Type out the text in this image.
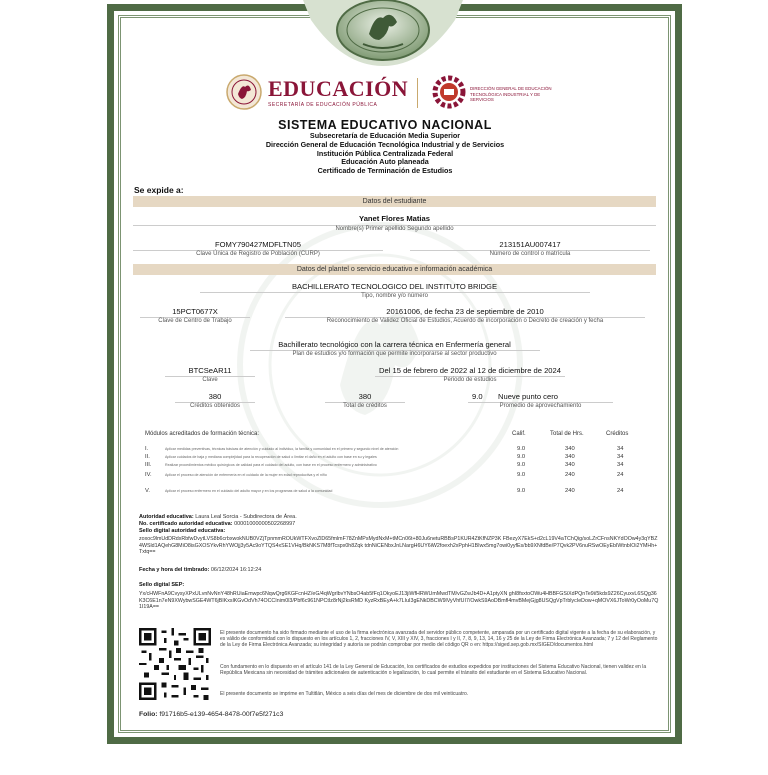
EDUCACIÓN
SECRETARÍA DE EDUCACIÓN PÚBLICA
DIRECCIÓN GENERAL DE EDUCACIÓN TECNOLÓGICA INDUSTRIAL Y DE SERVICIOS
SISTEMA EDUCATIVO NACIONAL
Subsecretaría de Educación Media Superior
Dirección General de Educación Tecnológica Industrial y de Servicios
Institución Pública Centralizada Federal
Educación Auto planeada
Certificado de Terminación de Estudios
Se expide a:
Datos del estudiante
Yanet Flores Matias
Nombre(s) Primer apellido Segundo apellido
FOMY790427MDFLTN05
Clave Única de Registro de Población (CURP)
213151AU007417
Número de control o matrícula
Datos del plantel o servicio educativo e información académica
BACHILLERATO TECNOLOGICO DEL INSTITUTO BRIDGE
Tipo, nombre y/o número
15PCT0677X
Clave de Centro de Trabajo
20161006, de fecha 23 de septiembre de 2010
Reconocimiento de Validez Oficial de Estudios, Acuerdo de incorporación o Decreto de creación y fecha
Bachillerato tecnológico con la carrera técnica en Enfermería general
Plan de estudios y/o formación que permite incorporarse al sector productivo
BTCSeAR11
Clave
Del 15 de febrero de 2022 al 12 de diciembre de 2024
Periodo de estudios
380
Créditos obtenidos
380
Total de créditos
9.0 Nueve punto cero
Promedio de aprovechamiento
Módulos acreditados de formación técnica:	Calif.	Total de Hrs.	Créditos
I.	Aplicar medidas preventivas, técnicas básicas de atención y cuidado al individuo, la familia y comunidad en el primero y segundo nivel de atención	9.0	340	34
II.	Aplicar cuidados de baja y mediana complejidad para la recuperación de salud o limitar el daño en el adulto con base en su y legales	9.0	340	34
III.	Realizar procedimientos médico quirúrgicos de calidad para el cuidado del adulto, con base en el proceso enfermero y administrativo	9.0	340	34
IV.	Aplicar el proceso de atención de enfermería en el cuidado de la mujer en edad reproductiva y el niño	9.0	240	24
V.	Aplicar el proceso enfermero en el cuidado del adulto mayor y en los programas de salud a la comunidad	9.0	240	24
Autoridad educativa: Laura Leal Sorcia - Subdirectora de Área.
No. certificado autoridad educativa: 00001000000502268997
Sello digital autoridad educativa:
zoxoc9lmUdDRdxRbfwDvytLVS8b6crbxwokNUB0VZjTpnmmROUkWTFXvoZlD65fmlmF78ZnMPsMydNxM+tMCn06t+80Ju6netuRBBsP1KUR4ZtKfNZP3K FBezyX7EkS+d2cL19V4aTChQig/soLZrCFnsNKYdOOw4y3qYBZ4WSld1AQehG8MiO8isGXOSYkvRhYWOjj3y5Ac9oYTQS4xSE1VHq/BkNKS7M8fTcspx0h8Zqk tdnNiCENbxJnLNargH6UY6iW2foexh2xPphH1BIwx5mg7owi0yyfEs/bb9XNfdBe/P7Qvk2PV6nuRSwOEyEbIWtnbIOi2YMHh+Txtq==
Fecha y hora del timbrado: 06/12/2024 16:12:24
Sello digital SEP:
Yx/cHWFnA9CvysyXPxULvnNvNnY48hRUiaEmwpc6NqwQrg6KGFcnHZ/eG/4qWgrlbvYNbsO4ab5fFq1OkyoEJ13jiWfHRWUmMwdTM/vGZwJb4D+A1ptyXN ghI8fsxtoOWu4HBBFGSiXdPQnTe9i/5kds9Z26CyuxvL6SQg36K3C6E1n7eN9XWybwSGE4WT6jBIKxslKGvOdVh74OCCInim0l3/Pbf6c961NPCtIz8rNj2ksRMD KyzRxBEyA+k7LIuI3gENkDBCW9lVyVhfUI7/OwkS9AoDBmfl4mvBMejGjg8USQgVpTrblycIeDow+qMOVX6JToWr0yOoMu7Q1I19A==
El presente documento ha sido firmado mediante el uso de la firma electrónica avanzada del servidor público competente, amparada por un certificado digital vigente a la fecha de su elaboración, y es válido de conformidad con lo dispuesto en los artículos 1, 2, fracciones IV, V, XIII y XIV, 3, fracciones I y II, 7, 8, 9, 13, 14, 16 y 25 de la Ley de Firma Electrónica Avanzada; 7 y 12 del Reglamento de la Ley de Firma Electrónica Avanzada; su integridad y autoría se podrán comprobar por medio del código QR o en: https://siged.sep.gob.mx/SIGED/documentos.html
Con fundamento en lo dispuesto en el artículo 141 de la Ley General de Educación, los certificados de estudios expedidos por instituciones del Sistema Educativo Nacional, tienen validez en la República Mexicana sin necesidad de trámites adicionales de autenticación o legalización, lo cual permite el tránsito del estudiante en el Sistema Educativo Nacional.
El presente documento se imprime en Tultitlán, México a seis días del mes de diciembre de dos mil veinticuatro.
Folio: f91716b5-e139-4654-8478-00f7e5f271c3
